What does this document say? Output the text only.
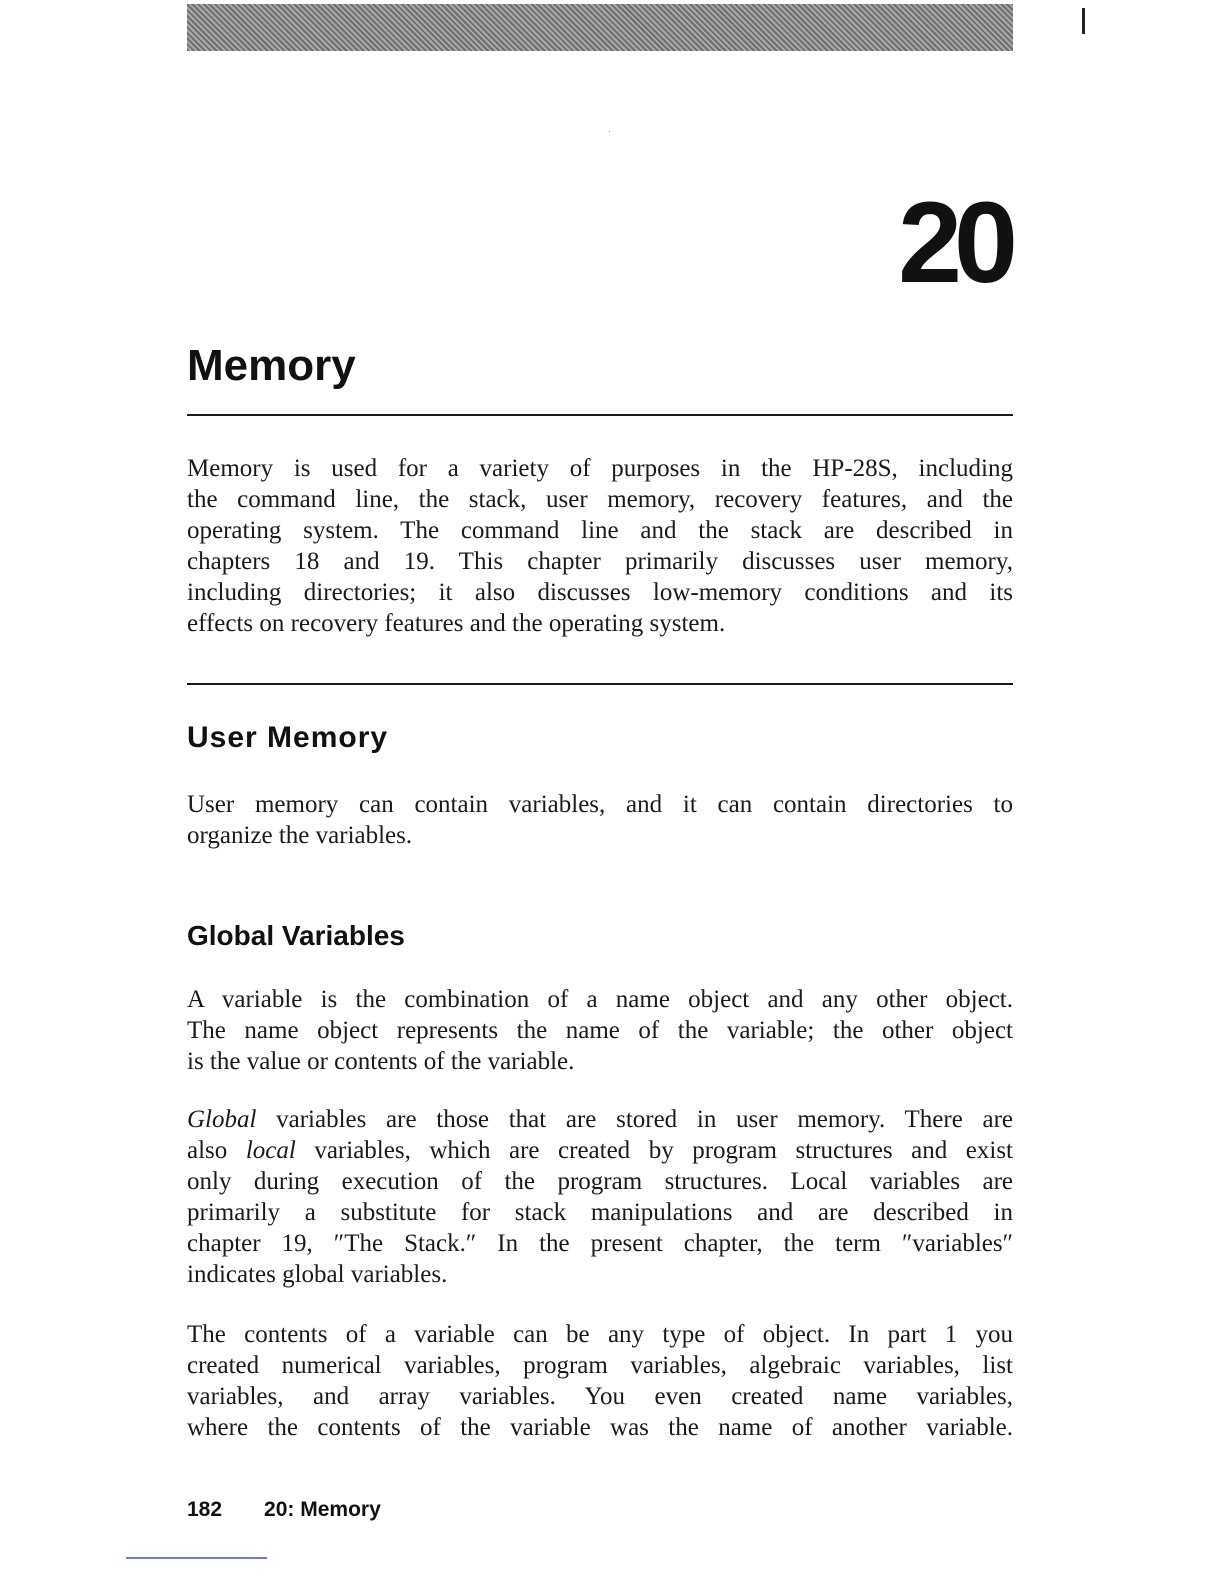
20
Memory

Memory is used for a variety of purposes in the HP-28S, including
the command line, the stack, user memory, recovery features, and the
operating system. The command line and the stack are described in
chapters 18 and 19. This chapter primarily discusses user memory,
including directories; it also discusses low-memory conditions and its
effects on recovery features and the operating system.

User Memory

User memory can contain variables, and it can contain directories to
organize the variables.

Global Variables

A variable is the combination of a name object and any other object.
The name object represents the name of the variable; the other object
is the value or contents of the variable.

Global variables are those that are stored in user memory. There are
also local variables, which are created by program structures and exist
only during execution of the program structures. Local variables are
primarily a substitute for stack manipulations and are described in
chapter 19, ″The Stack.″ In the present chapter, the term ″variables″
indicates global variables.

The contents of a variable can be any type of object. In part 1 you
created numerical variables, program variables, algebraic variables, list
variables, and array variables. You even created name variables,
where the contents of the variable was the name of another variable.

182 20: Memory
